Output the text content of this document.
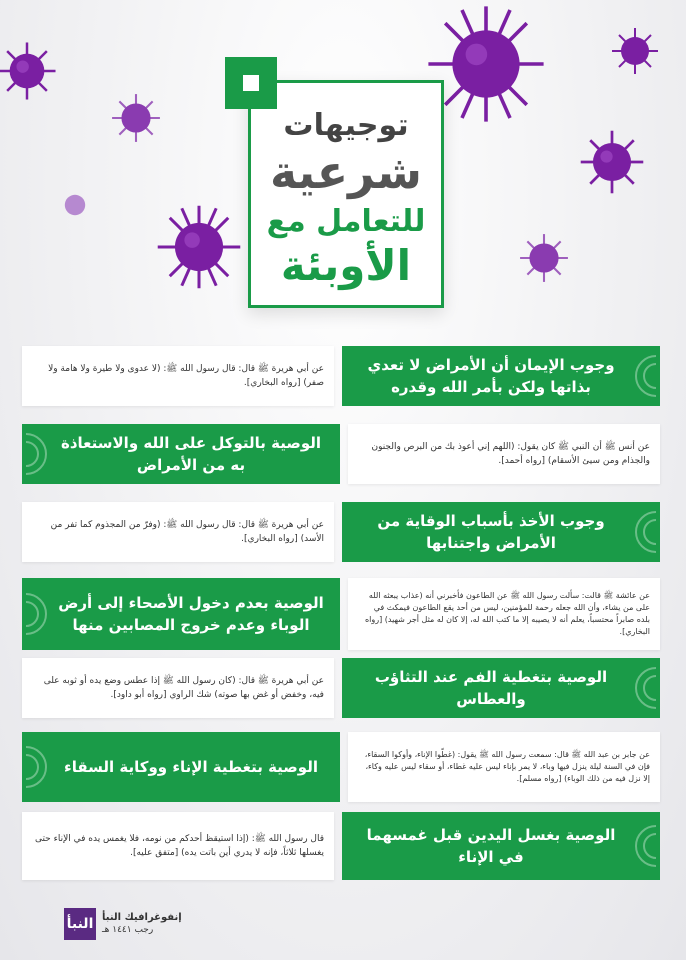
توجيهات
شرعية
للتعامل مع
الأوبئة
وجوب الإيمان أن الأمراض لا تعدي بذاتها ولكن بأمر الله وقدره
عن أبي هريرة ﷺ قال: قال رسول الله ﷺ: (لا عدوى ولا طيرة ولا هامة ولا صفر) [رواه البخاري].
الوصية بالتوكل على الله والاستعاذة به من الأمراض
عن أنس ﷺ أن النبي ﷺ كان يقول: (اللهم إني أعوذ بك من البرص والجنون والجذام ومن سيئ الأسقام) [رواه أحمد].
وجوب الأخذ بأسباب الوقاية من الأمراض واجتنابها
عن أبي هريرة ﷺ قال: قال رسول الله ﷺ: (وفرّ من المجذوم كما تفر من الأسد) [رواه البخاري].
الوصية بعدم دخول الأصحاء إلى أرض الوباء وعدم خروج المصابين منها
عن عائشة ﷺ قالت: سألت رسول الله ﷺ عن الطاعون فأخبرني أنه (عذاب يبعثه الله على من يشاء، وأن الله جعله رحمة للمؤمنين، ليس من أحد يقع الطاعون فيمكث في بلده صابراً محتسباً، يعلم أنه لا يصيبه إلا ما كتب الله له، إلا كان له مثل أجر شهيد) [رواه البخاري].
الوصية بتغطية الفم عند التثاؤب والعطاس
عن أبي هريرة ﷺ قال: (كان رسول الله ﷺ إذا عطس وضع يده أو ثوبه على فيه، وخفض أو غض بها صوته) شك الراوي [رواه أبو داود].
الوصية بتغطية الإناء ووكاية السقاء
عن جابر بن عبد الله ﷺ قال: سمعت رسول الله ﷺ يقول: (غطّوا الإناء، وأوكوا السقاء، فإن في السنة ليلة ينزل فيها وباء، لا يمر بإناء ليس عليه غطاء، أو سقاء ليس عليه وكاء، إلا نزل فيه من ذلك الوباء) [رواه مسلم].
الوصية بغسل اليدين قبل غمسهما في الإناء
قال رسول الله ﷺ: (إذا استيقظ أحدكم من نومه، فلا يغمس يده في الإناء حتى يغسلها ثلاثاً، فإنه لا يدري أين باتت يده) [متفق عليه].
النبأ إنفوغرافيك النبأ
رجب ١٤٤١ هـ
